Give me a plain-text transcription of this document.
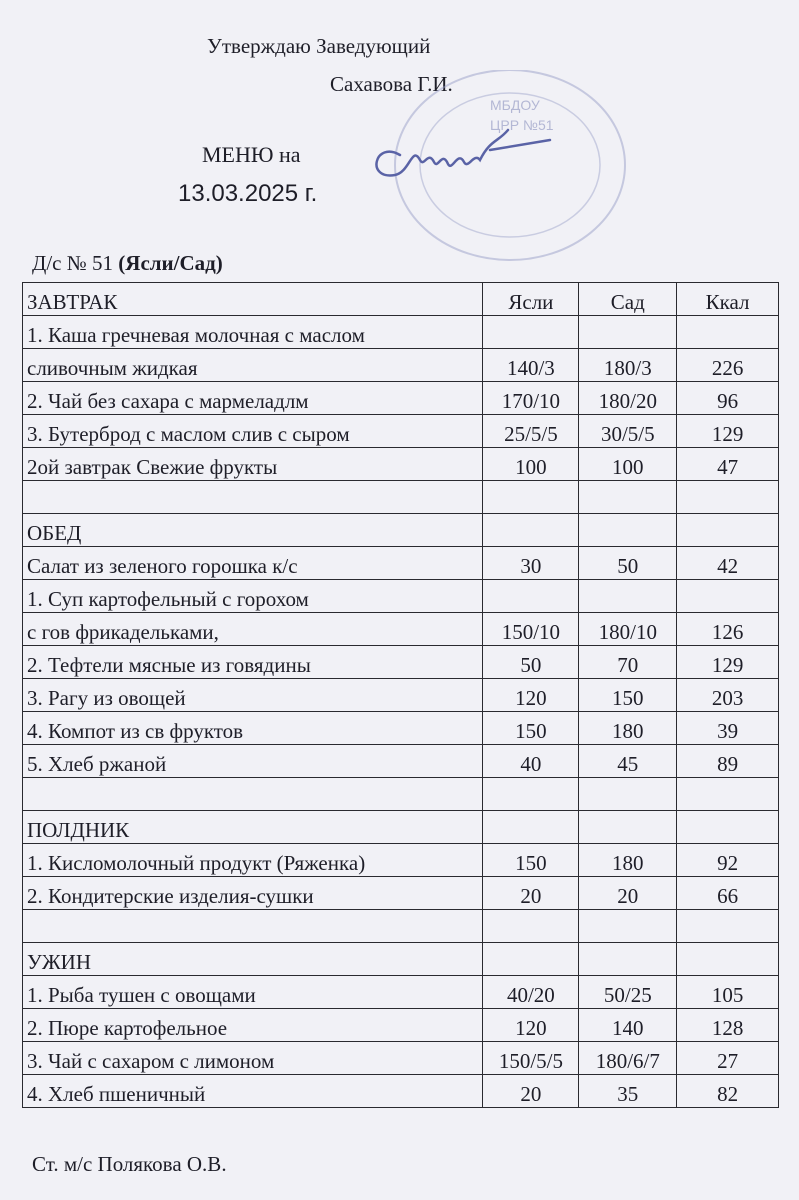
Утверждаю Заведующий
Сахавова Г.И.
МЕНЮ на
13.03.2025 г.
МБДОУ
ЦРР №51
Д/с № 51 (Ясли/Сад)
ЗАВТРАК	Ясли	Сад	Ккал
1. Каша гречневая молочная с маслом			
сливочным жидкая	140/3	180/3	226
2. Чай без сахара с мармеладлм	170/10	180/20	96
3. Бутерброд с маслом слив с сыром	25/5/5	30/5/5	129
2ой завтрак Свежие фрукты	100	100	47

ОБЕД			
Салат из зеленого горошка к/с	30	50	42
1. Суп картофельный с горохом			
с гов фрикадельками,	150/10	180/10	126
2. Тефтели мясные из говядины	50	70	129
3. Рагу из овощей	120	150	203
4. Компот из св фруктов	150	180	39
5. Хлеб ржаной	40	45	89

ПОЛДНИК			
1. Кисломолочный продукт (Ряженка)	150	180	92
2. Кондитерские изделия-сушки	20	20	66

УЖИН			
1. Рыба тушен с овощами	40/20	50/25	105
2. Пюре картофельное	120	140	128
3. Чай с сахаром с лимоном	150/5/5	180/6/7	27
4. Хлеб пшеничный	20	35	82
Ст. м/с Полякова О.В.
